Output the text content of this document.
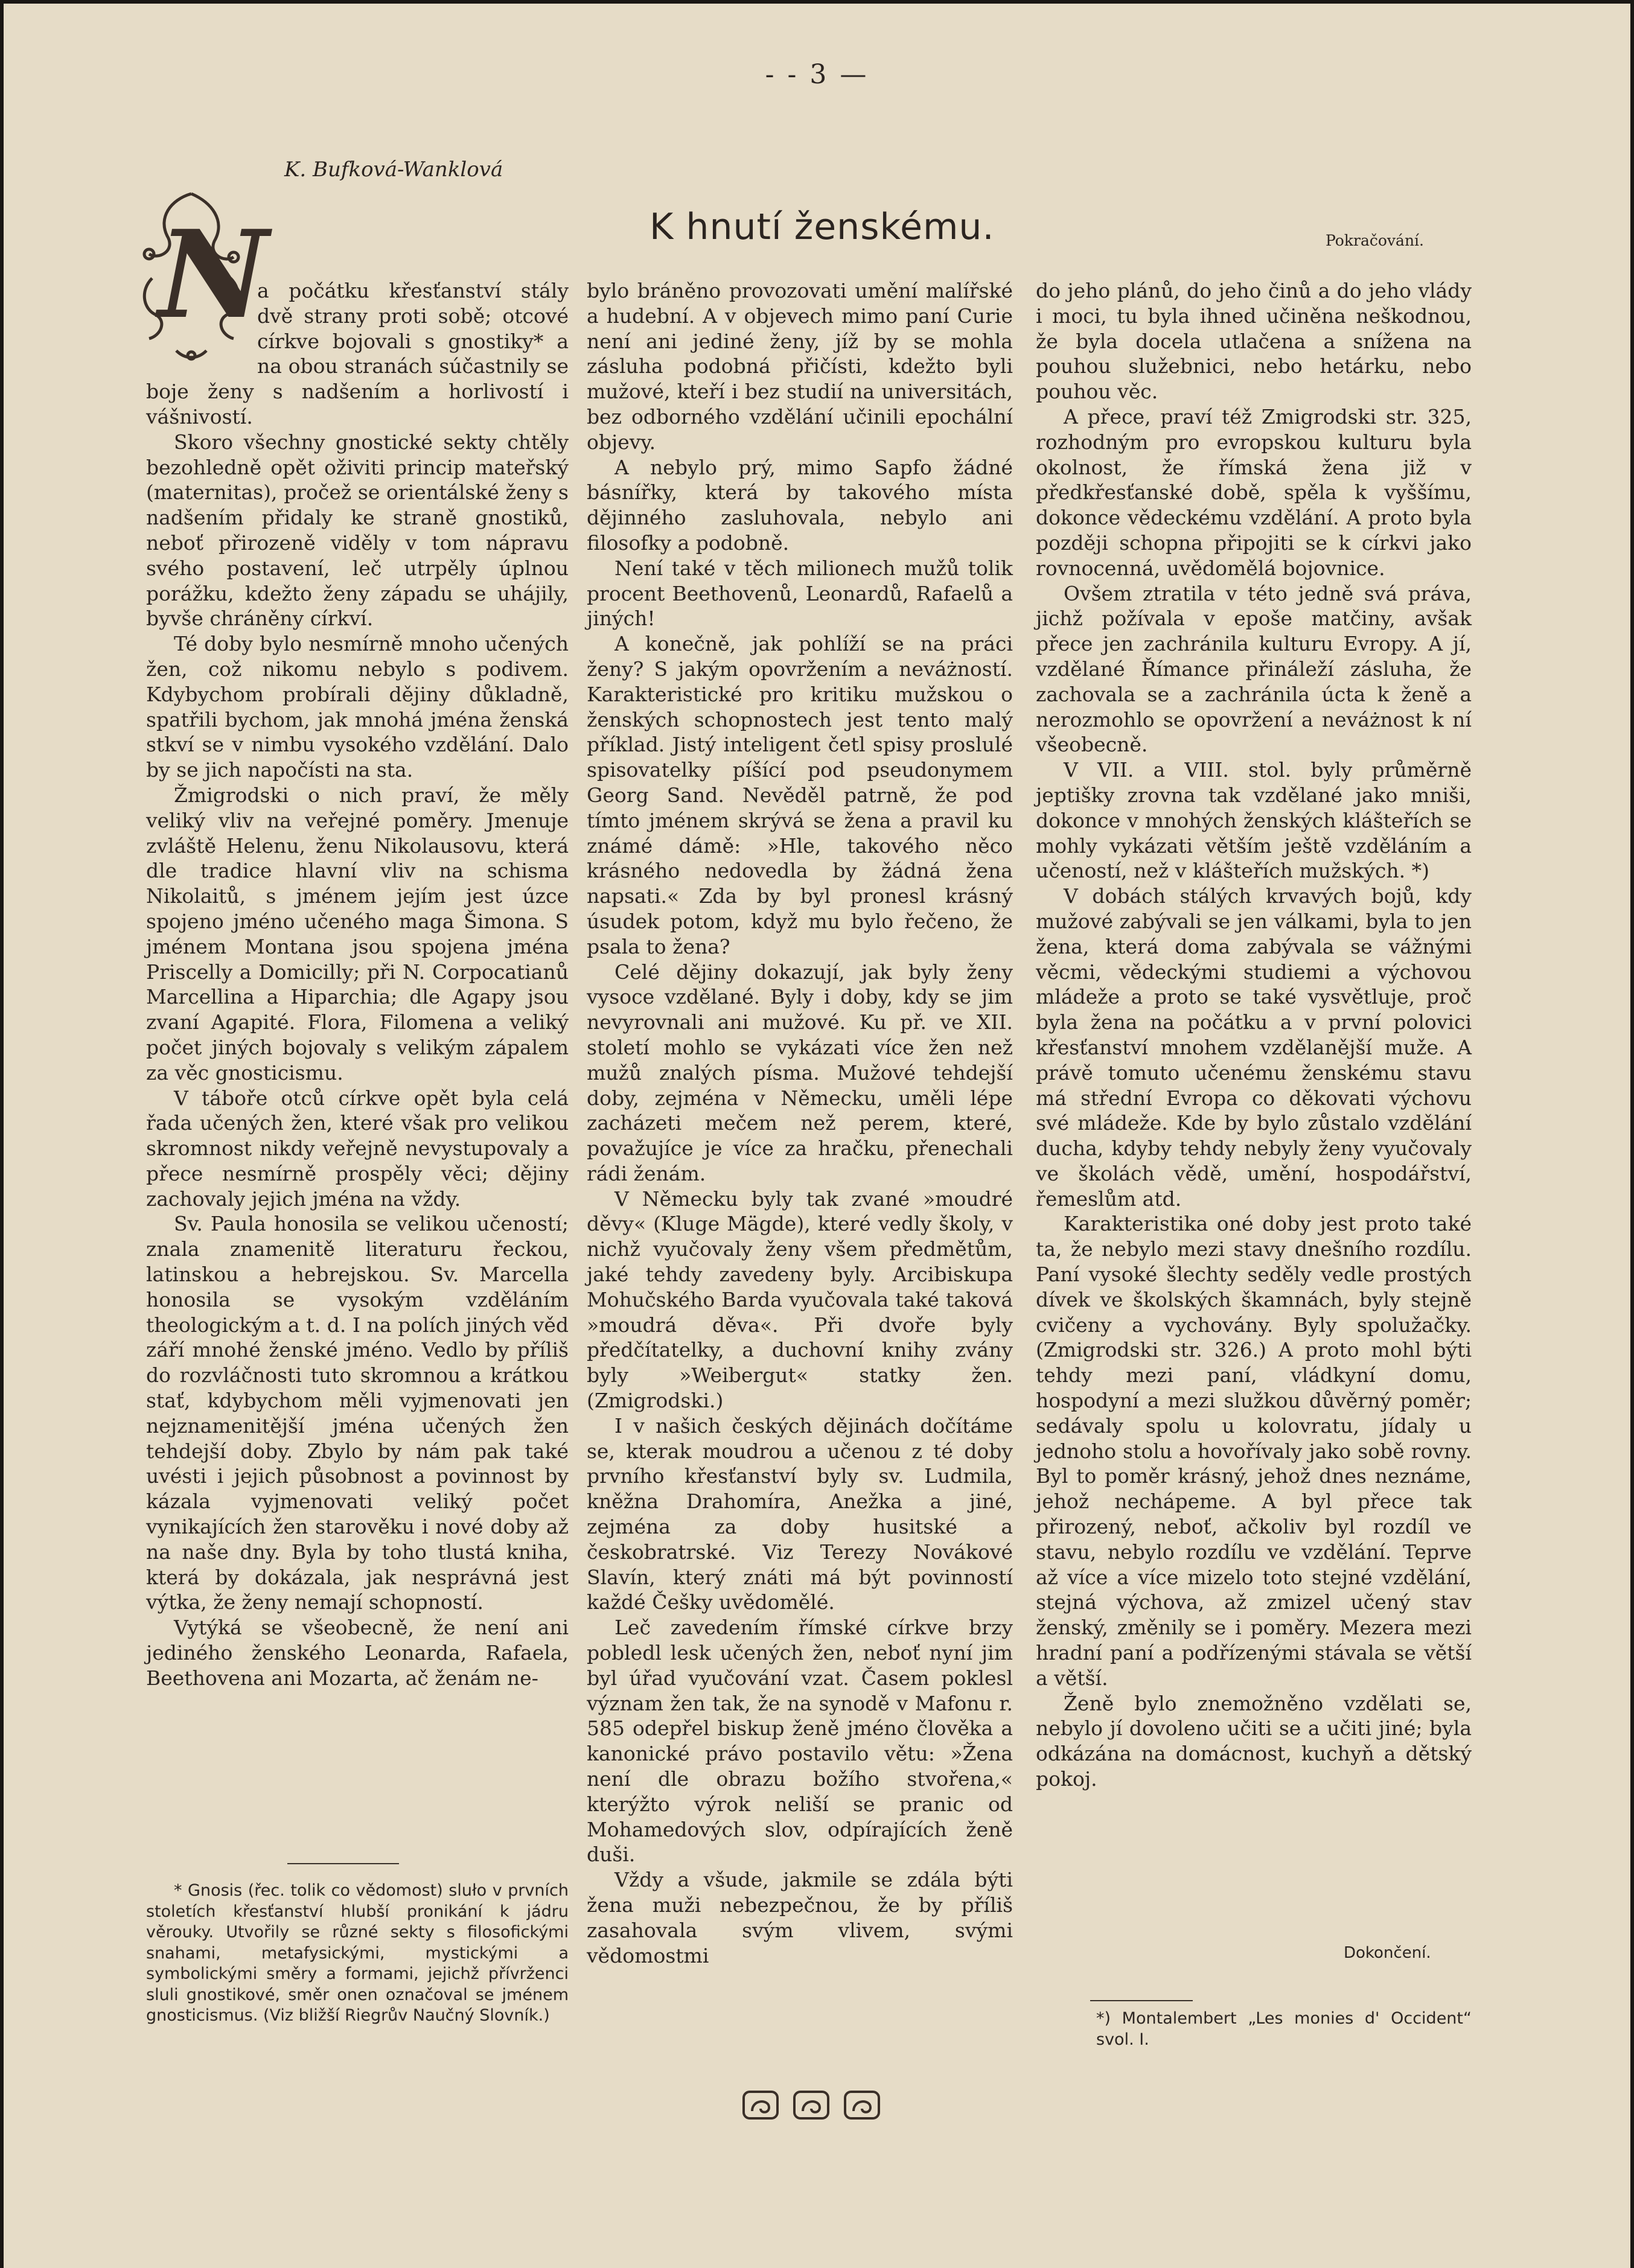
- - 3 —
K. Bufková-Wanklová
K hnutí ženskému.	Pokračování.

N
a počátku křesťanství stály dvě strany proti sobě; otcové církve bojovali s gnostiky* a na obou stranách súčastnily se boje ženy s nadšením a horlivostí i vášnivostí.

Skoro všechny gnostické sekty chtěly bezohledně opět oživiti princip mateřský (maternitas), pročež se orientálské ženy s nadšením přidaly ke straně gnostiků, neboť přirozeně viděly v tom nápravu svého postavení, leč utrpěly úplnou porážku, kdežto ženy západu se uhájily, byvše chráněny církví.

Té doby bylo nesmírně mnoho učených žen, což nikomu nebylo s podivem. Kdybychom probírali dějiny důkladně, spatřili bychom, jak mnohá jména ženská stkví se v nimbu vysokého vzdělání. Dalo by se jich napočísti na sta.

Žmigrodski o nich praví, že měly veliký vliv na veřejné poměry. Jmenuje zvláště Helenu, ženu Nikolausovu, která dle tradice hlavní vliv na schisma Nikolaitů, s jménem jejím jest úzce spojeno jméno učeného maga Šimona. S jménem Montana jsou spojena jména Priscelly a Domicilly; při N. Corpocatianů Marcellina a Hiparchia; dle Agapy jsou zvaní Agapité. Flora, Filomena a veliký počet jiných bojovaly s velikým zápalem za věc gnosticismu.

V táboře otců církve opět byla celá řada učených žen, které však pro velikou skromnost nikdy veřejně nevystupovaly a přece nesmírně prospěly věci; dějiny zachovaly jejich jména na vždy.

Sv. Paula honosila se velikou učeností; znala znamenitě literaturu řeckou, latinskou a hebrejskou. Sv. Marcella honosila se vysokým vzděláním theologickým a t. d. I na polích jiných věd září mnohé ženské jméno. Vedlo by příliš do rozvláčnosti tuto skromnou a krátkou stať, kdybychom měli vyjmenovati jen nejznamenitější jména učených žen tehdejší doby. Zbylo by nám pak také uvésti i jejich působnost a povinnost by kázala vyjmenovati veliký počet vynikajících žen starověku i nové doby až na naše dny. Byla by toho tlustá kniha, která by dokázala, jak nesprávná jest výtka, že ženy nemají schopností.

Vytýká se všeobecně, že není ani jediného ženského Leonarda, Rafaela, Beethovena ani Mozarta, ač ženám ne-

* Gnosis (řec. tolik co vědomost) sluło v prvních stoletích křesťanství hlubší pronikání k jádru věrouky. Utvořily se různé sekty s filosofickými snahami, metafysickými, mystickými a symbolickými směry a formami, jejichž přívrženci sluli gnostikové, směr onen označoval se jménem gnosticismus. (Viz bližší Riegrův Naučný Slovník.)

bylo bráněno provozovati umění malířské a hudební. A v objevech mimo paní Curie není ani jediné ženy, jíž by se mohla zásluha podobná přičísti, kdežto byli mužové, kteří i bez studií na universitách, bez odborného vzdělání učinili epochální objevy.

A nebylo prý, mimo Sapfo žádné básnířky, která by takového místa dějinného zasluhovala, nebylo ani filosofky a podobně.

Není také v těch milionech mužů tolik procent Beethovenů, Leonardů, Rafaelů a jiných!

A konečně, jak pohlíží se na práci ženy? S jakým opovržením a neváżností. Karakteristické pro kritiku mužskou o ženských schopnostech jest tento malý příklad. Jistý inteligent četl spisy proslulé spisovatelky píšící pod pseudonymem Georg Sand. Nevěděl patrně, že pod tímto jménem skrývá se žena a pravil ku známé dámě: »Hle, takového něco krásného nedovedla by žádná žena napsati.« Zda by byl pronesl krásný úsudek potom, když mu bylo řečeno, že psala to žena?

Celé dějiny dokazují, jak byly ženy vysoce vzdělané. Byly i doby, kdy se jim nevyrovnali ani mužové. Ku př. ve XII. století mohlo se vykázati více žen než mužů znalých písma. Mužové tehdejší doby, zejména v Německu, uměli lépe zacházeti mečem než perem, které, považujíce je více za hračku, přenechali rádi ženám.

V Německu byly tak zvané »moudré děvy« (Kluge Mägde), které vedly školy, v nichž vyučovaly ženy všem předmětům, jaké tehdy zavedeny byly. Arcibiskupa Mohučského Barda vyučovala také taková »moudrá děva«. Při dvoře byly předčítatelky, a duchovní knihy zvány byly »Weibergut« statky žen. (Zmigrodski.)

I v našich českých dějinách dočítáme se, kterak moudrou a učenou z té doby prvního křesťanství byly sv. Ludmila, kněžna Drahomíra, Anežka a jiné, zejména za doby husitské a českobratrské. Viz Terezy Novákové Slavín, který znáti má být povinností každé Češky uvědomělé.

Leč zavedením římské církve brzy pobledl lesk učených žen, neboť nyní jim byl úřad vyučování vzat. Časem poklesl význam žen tak, že na synodě v Mafonu r. 585 odepřel biskup ženě jméno člověka a kanonické právo postavilo větu: »Žena není dle obrazu božího stvořena,« kterýžto výrok neliší se pranic od Mohamedových slov, odpírajících ženě duši.

Vždy a všude, jakmile se zdála býti žena muži nebezpečnou, že by příliš zasahovala svým vlivem, svými vědomostmi

do jeho plánů, do jeho činů a do jeho vlády i moci, tu byla ihned učiněna neškodnou, že byla docela utlačena a snížena na pouhou služebnici, nebo hetárku, nebo pouhou věc.

A přece, praví též Zmigrodski str. 325, rozhodným pro evropskou kulturu byla okolnost, že římská žena již v předkřesťanské době, spěla k vyššímu, dokonce vědeckému vzdělání. A proto byla později schopna připojiti se k církvi jako rovnocenná, uvědomělá bojovnice.

Ovšem ztratila v této jedně svá práva, jichž požívala v epoše matčiny, avšak přece jen zachránila kulturu Evropy. A jí, vzdělané Římance přináleží zásluha, že zachovala se a zachránila úcta k ženě a nerozmohlo se opovržení a neváżnost k ní všeobecně.

V VII. a VIII. stol. byly průměrně jeptišky zrovna tak vzdělané jako mniši, dokonce v mnohých ženských klášteřích se mohly vykázati větším ještě vzděláním a učeností, než v klášteřích mužských. *)

V dobách stálých krvavých bojů, kdy mužové zabývali se jen válkami, byla to jen žena, která doma zabývala se vážnými věcmi, vědeckými studiemi a výchovou mládeže a proto se také vysvětluje, proč byla žena na počátku a v první polovici křesťanství mnohem vzdělanější muže. A právě tomuto učenému ženskému stavu má střední Evropa co děkovati výchovu své mládeže. Kde by bylo zůstalo vzdělání ducha, kdyby tehdy nebyly ženy vyučovaly ve školách vědě, umění, hospodářství, řemeslům atd.

Karakteristika oné doby jest proto také ta, že nebylo mezi stavy dnešního rozdílu. Paní vysoké šlechty seděly vedle prostých dívek ve školských škamnách, byly stejně cvičeny a vychovány. Byly spolužačky. (Zmigrodski str. 326.) A proto mohl býti tehdy mezi paní, vládkyní domu, hospodyní a mezi služkou důvěrný poměr; sedávaly spolu u kolovratu, jídaly u jednoho stolu a hovořívaly jako sobě rovny. Byl to poměr krásný, jehož dnes neznáme, jehož nechápeme. A byl přece tak přirozený, neboť, ačkoliv byl rozdíl ve stavu, nebylo rozdílu ve vzdělání. Teprve až více a více mizelo toto stejné vzdělání, stejná výchova, až zmizel učený stav ženský, změnily se i poměry. Mezera mezi hradní paní a podřízenými stávala se větší a větší.

Ženě bylo znemožněno vzdělati se, nebylo jí dovoleno učiti se a učiti jiné; byla odkázána na domácnost, kuchyň a dětský pokoj.

Dokončení.
*) Montalembert „Les monies d' Occident“ svol. I.
